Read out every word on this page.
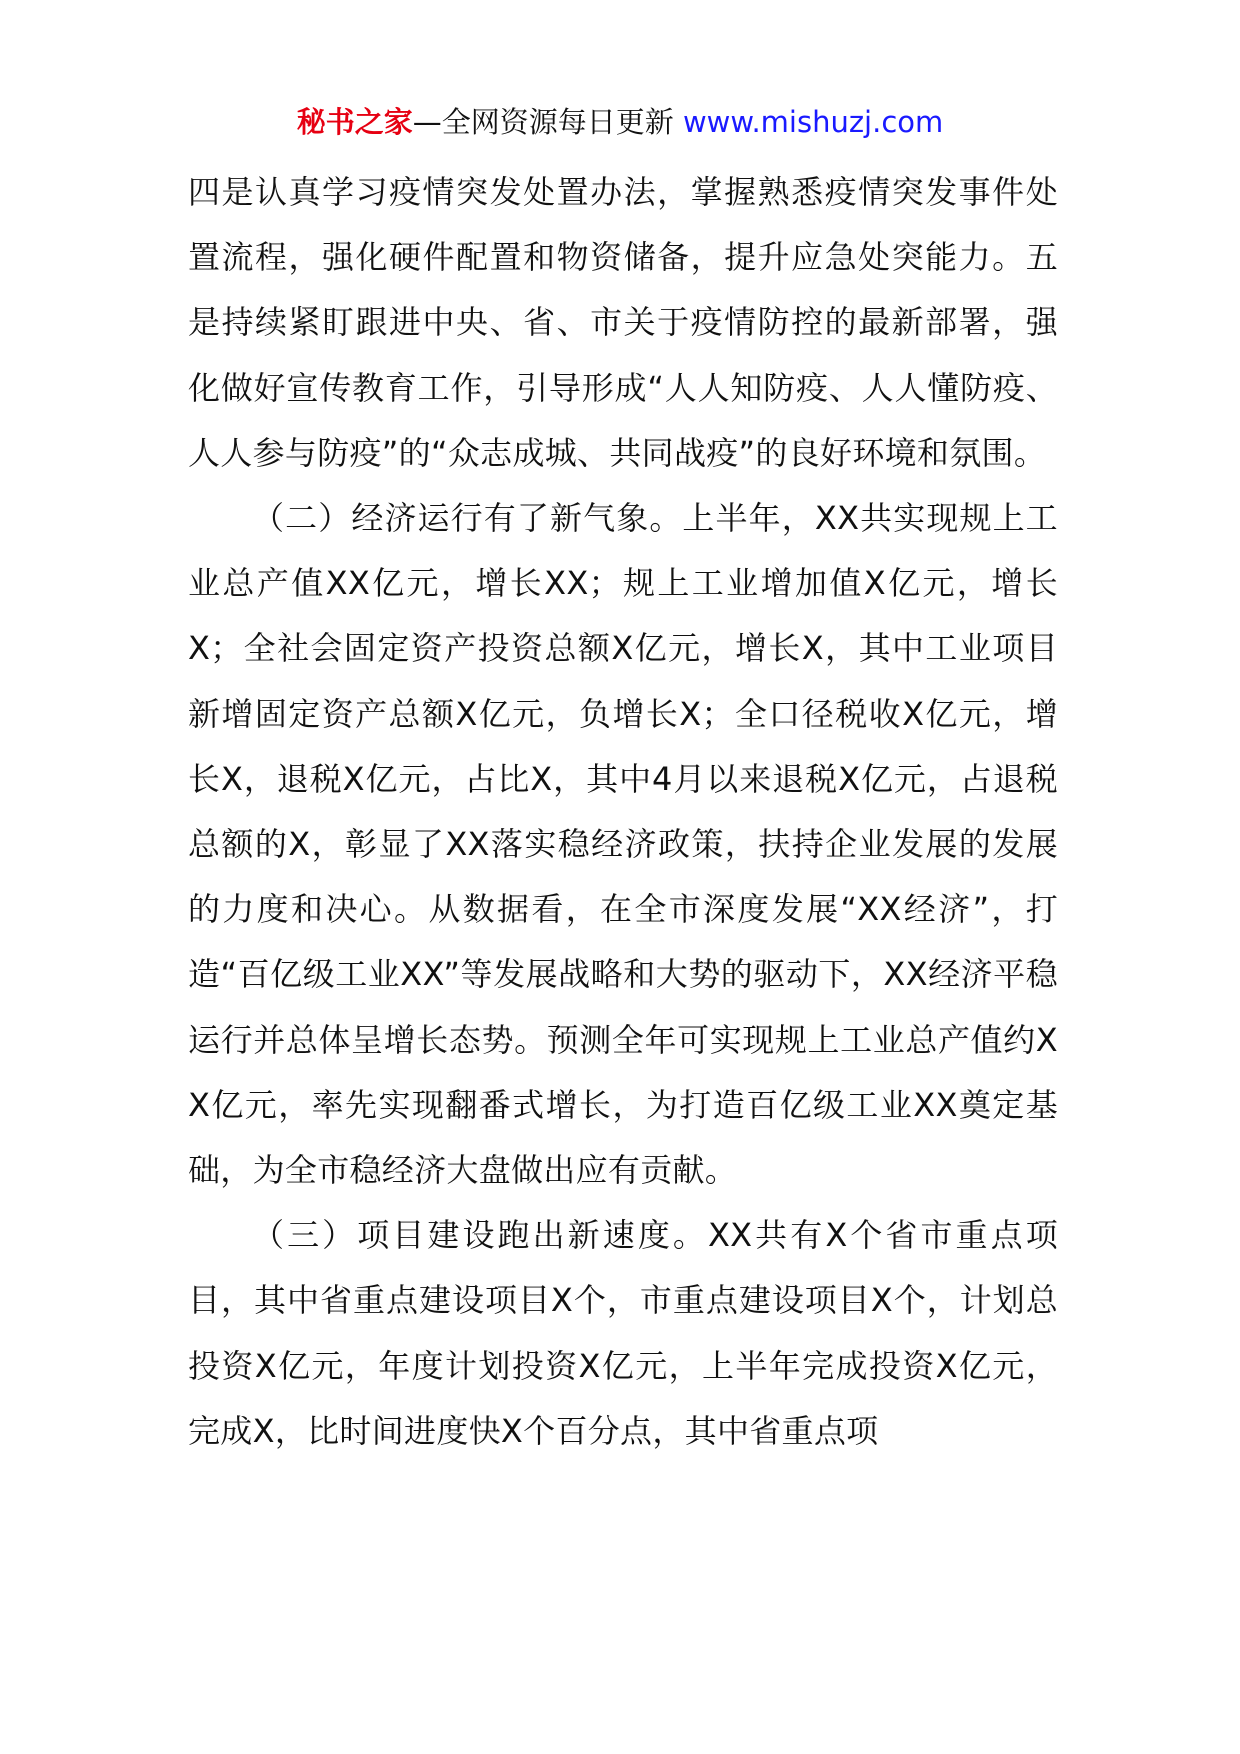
秘书之家—全网资源每日更新 www.mishuzj.com

四是认真学习疫情突发处置办法，掌握熟悉疫情突发事件处置流程，强化硬件配置和物资储备，提升应急处突能力。五是持续紧盯跟进中央、省、市关于疫情防控的最新部署，强化做好宣传教育工作，引导形成“人人知防疫、人人懂防疫、人人参与防疫”的“众志成城、共同战疫”的良好环境和氛围。

（二）经济运行有了新气象。上半年，XX共实现规上工业总产值XX亿元，增长XX；规上工业增加值X亿元，增长X；全社会固定资产投资总额X亿元，增长X，其中工业项目新增固定资产总额X亿元，负增长X；全口径税收X亿元，增长X，退税X亿元，占比X，其中4月以来退税X亿元，占退税总额的X，彰显了XX落实稳经济政策，扶持企业发展的发展的力度和决心。从数据看，在全市深度发展“XX经济”，打造“百亿级工业XX”等发展战略和大势的驱动下，XX经济平稳运行并总体呈增长态势。预测全年可实现规上工业总产值约XX亿元，率先实现翻番式增长，为打造百亿级工业XX奠定基础，为全市稳经济大盘做出应有贡献。

（三）项目建设跑出新速度。XX共有X个省市重点项目，其中省重点建设项目X个，市重点建设项目X个，计划总投资X亿元，年度计划投资X亿元，上半年完成投资X亿元，完成X，比时间进度快X个百分点，其中省重点项
